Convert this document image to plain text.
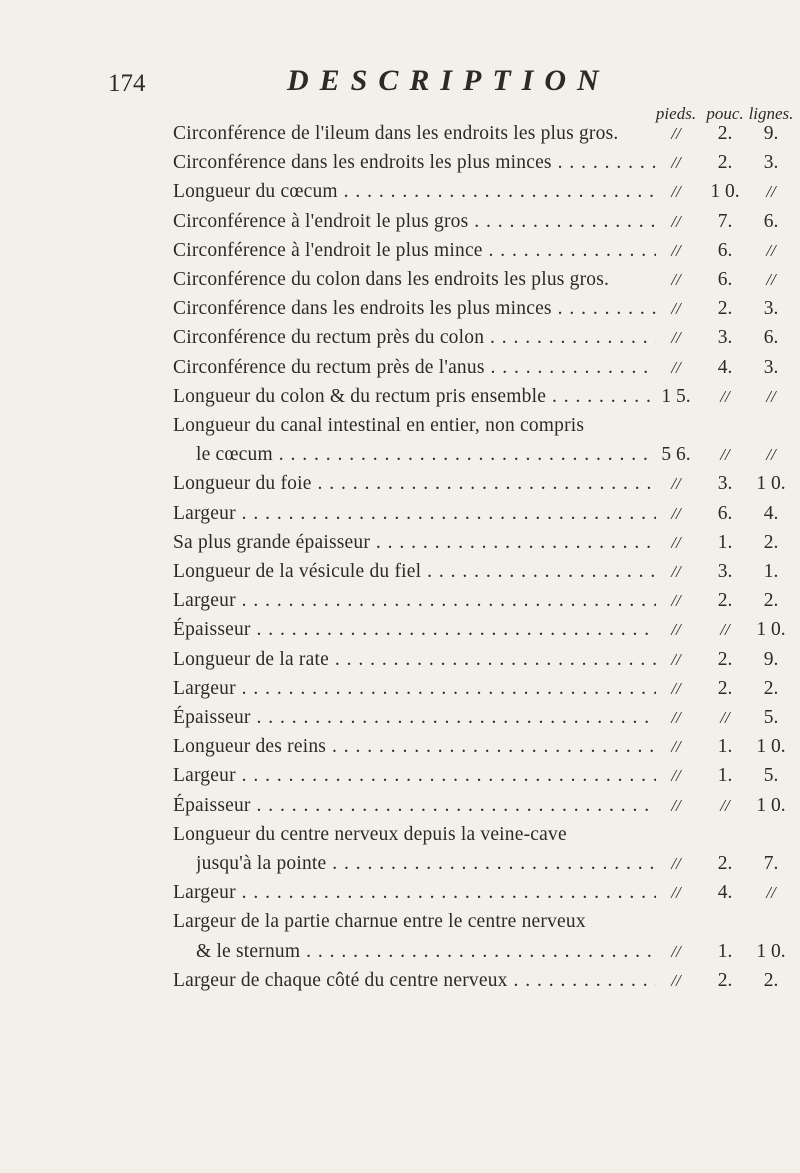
174	DESCRIPTION
pieds. pouc. lignes.
Circonférence de l'ileum dans les endroits les plus gros.	//	2.	9.
Circonférence dans les endroits les plus minces . . .	//	2.	3.
Longueur du cœcum . . .	//	1 0.	//
Circonférence à l'endroit le plus gros . . .	//	7.	6.
Circonférence à l'endroit le plus mince . . .	//	6.	//
Circonférence du colon dans les endroits les plus gros.	//	6.	//
Circonférence dans les endroits les plus minces . . .	//	2.	3.
Circonférence du rectum près du colon . . .	//	3.	6.
Circonférence du rectum près de l'anus . . .	//	4.	3.
Longueur du colon & du rectum pris ensemble . . .	1 5.	//	//
Longueur du canal intestinal en entier, non compris
le cœcum . . .	5 6.	//	//
Longueur du foie . . .	//	3.	1 0.
Largeur . . .	//	6.	4.
Sa plus grande épaisseur . . .	//	1.	2.
Longueur de la vésicule du fiel . . .	//	3.	1.
Largeur . . .	//	2.	2.
Épaisseur . . .	//	//	1 0.
Longueur de la rate . . .	//	2.	9.
Largeur . . .	//	2.	2.
Épaisseur . . .	//	//	5.
Longueur des reins . . .	//	1.	1 0.
Largeur . . .	//	1.	5.
Épaisseur . . .	//	//	1 0.
Longueur du centre nerveux depuis la veine-cave
jusqu'à la pointe . . .	//	2.	7.
Largeur . . .	//	4.	//
Largeur de la partie charnue entre le centre nerveux
& le sternum . . .	//	1.	1 0.
Largeur de chaque côté du centre nerveux . . .	//	2.	2.
